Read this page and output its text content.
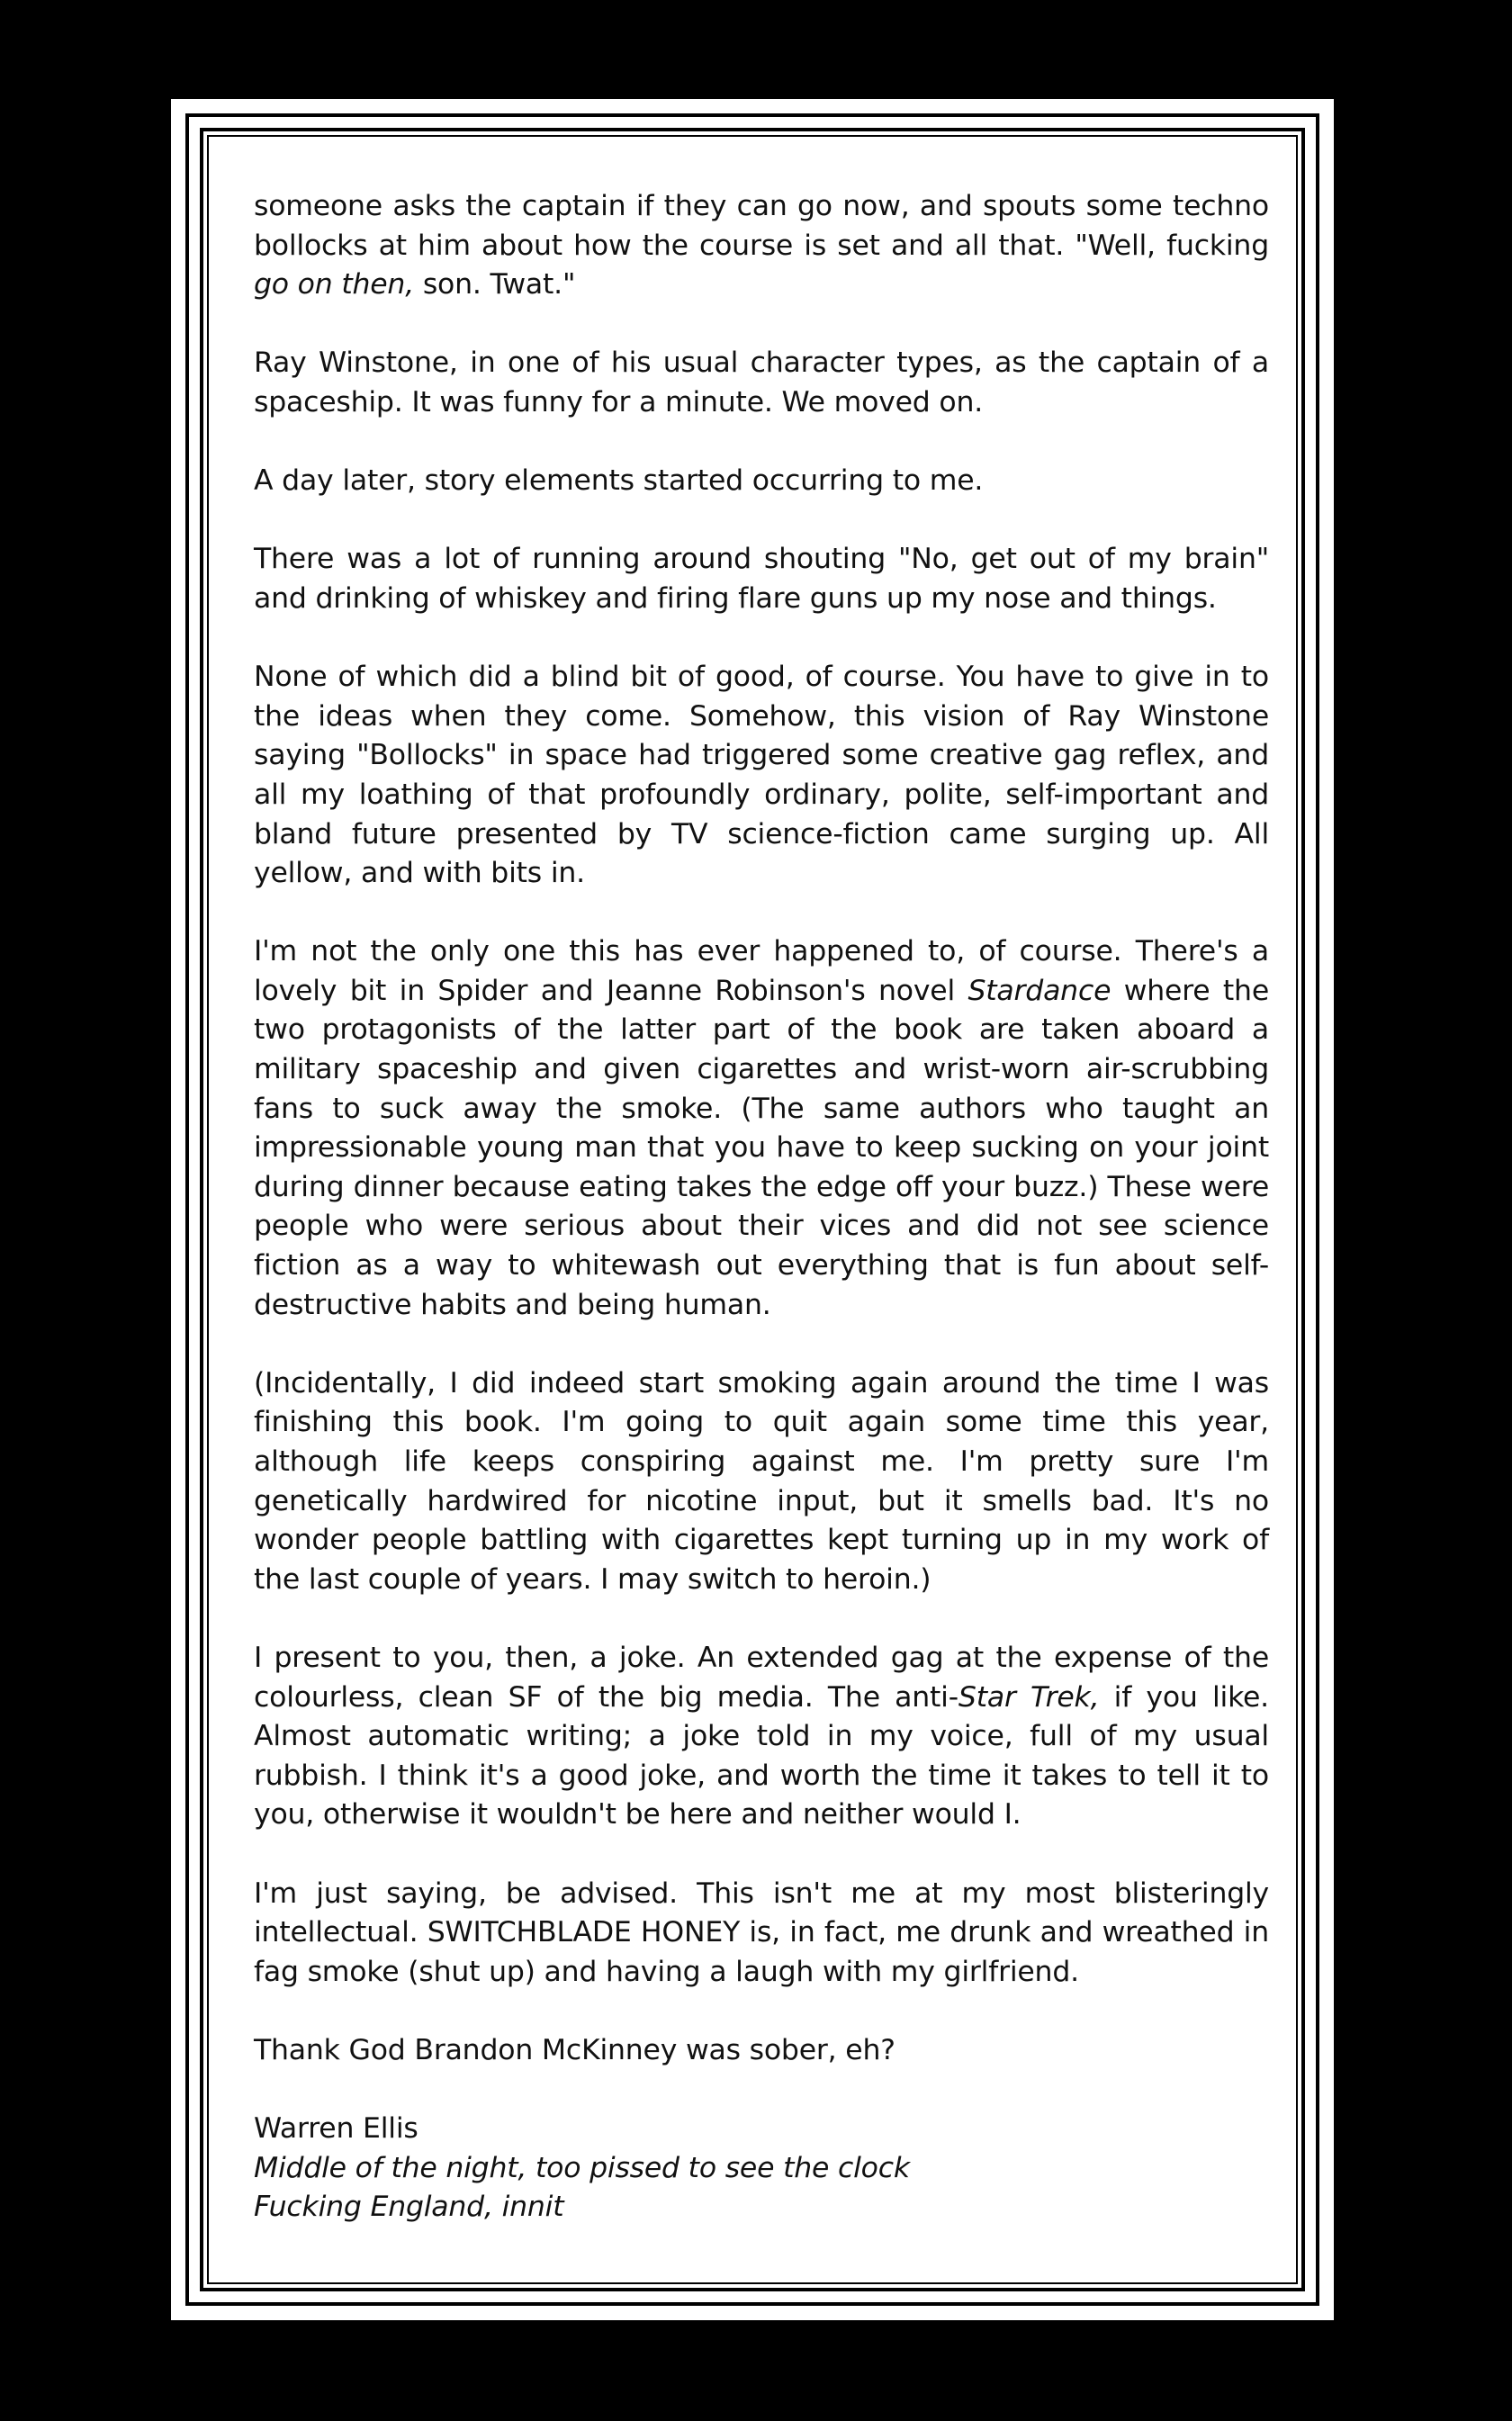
someone asks the captain if they can go now, and spouts some techno bollocks at him about how the course is set and all that. "Well, fucking go on then, son. Twat."

Ray Winstone, in one of his usual character types, as the captain of a spaceship. It was funny for a minute. We moved on.

A day later, story elements started occurring to me.

There was a lot of running around shouting "No, get out of my brain" and drinking of whiskey and firing flare guns up my nose and things.

None of which did a blind bit of good, of course. You have to give in to the ideas when they come. Somehow, this vision of Ray Winstone saying "Bollocks" in space had triggered some creative gag reflex, and all my loathing of that profoundly ordinary, polite, self-important and bland future presented by TV science-fiction came surging up. All yellow, and with bits in.

I'm not the only one this has ever happened to, of course. There's a lovely bit in Spider and Jeanne Robinson's novel Stardance where the two protagonists of the latter part of the book are taken aboard a military spaceship and given cigarettes and wrist-worn air-scrubbing fans to suck away the smoke. (The same authors who taught an impressionable young man that you have to keep sucking on your joint during dinner because eating takes the edge off your buzz.) These were people who were serious about their vices and did not see science fiction as a way to whitewash out everything that is fun about self-destructive habits and being human.

(Incidentally, I did indeed start smoking again around the time I was finishing this book. I'm going to quit again some time this year, although life keeps conspiring against me. I'm pretty sure I'm genetically hardwired for nicotine input, but it smells bad. It's no wonder people battling with cigarettes kept turning up in my work of the last couple of years. I may switch to heroin.)

I present to you, then, a joke. An extended gag at the expense of the colourless, clean SF of the big media. The anti-Star Trek, if you like. Almost automatic writing; a joke told in my voice, full of my usual rubbish. I think it's a good joke, and worth the time it takes to tell it to you, otherwise it wouldn't be here and neither would I.

I'm just saying, be advised. This isn't me at my most blisteringly intellectual. SWITCHBLADE HONEY is, in fact, me drunk and wreathed in fag smoke (shut up) and having a laugh with my girlfriend.

Thank God Brandon McKinney was sober, eh?

Warren Ellis
Middle of the night, too pissed to see the clock
Fucking England, innit
